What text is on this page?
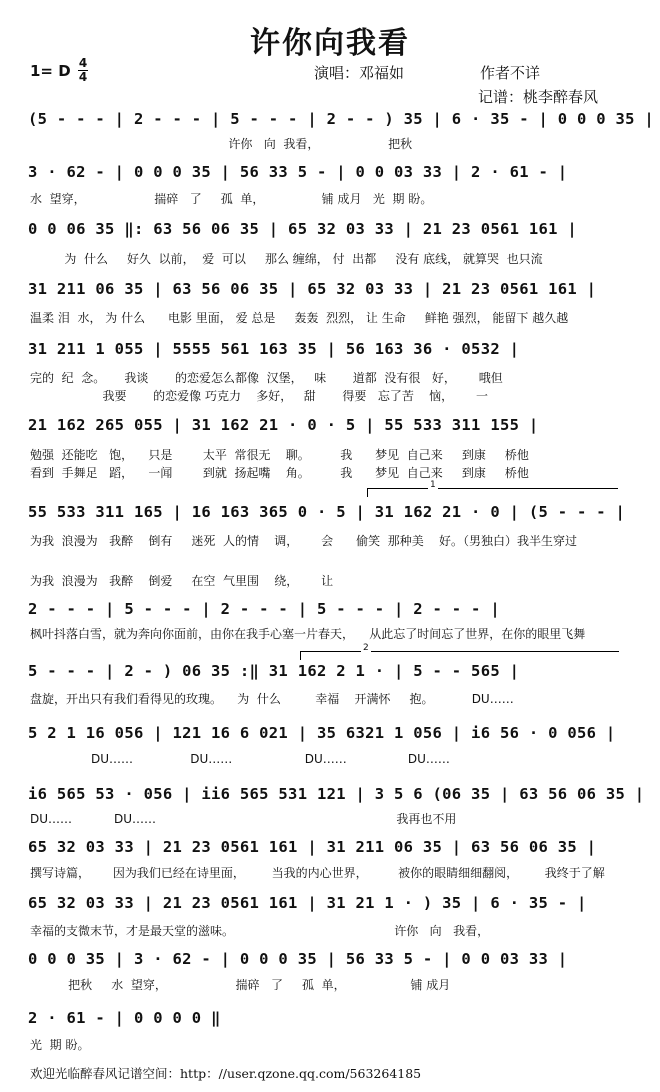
许你向我看
1= D 4
4	演唱：邓福如	作者不详
记谱：桃李醉春风
(5 - - - | 2 - - - | 5 - - - | 2 - - ) 35 | 6 · 35 - | 0 0 0 35 |
许你   向  我看，                  把秋
3 · 62 - | 0 0 0 35 | 56 33 5 - | 0 0 03 33 | 2 · 61 - |
水  望穿，                  揣碎   了     孤  单，               铺 成月   光  期 盼。
0 0 06 35 ‖: 63 56 06 35 | 65 32 03 33 | 21 23 0561 161 |
为  什么     好久  以前，  爱  可以     那么 缠绵， 付  出都     没有 底线， 就算哭  也只流
31 211 06 35 | 63 56 06 35 | 65 32 03 33 | 21 23 0561 161 |
温柔 泪  水， 为 什么      电影 里面， 爱 总是     轰轰  烈烈， 让 生命     鲜艳 强烈， 能留下 越久越
31 211 1 055 | 5555 561 163 35 | 56 163 36 · 0532 |
完的  纪  念。     我谈       的恋爱怎么都像  汉堡，   味       道都  没有很   好，      哦但
我要       的恋爱像 巧克力    多好，   甜       得要   忘了苦    恼，      一
21 162 265 055 | 31 162 21 · 0 · 5 | 55 533 311 155 |
勉强  还能吃   饱，    只是        太平  常很无    聊。        我      梦见  自己来     到康     桥他
看到  手舞足   蹈，    一闻        到就  扬起嘴    角。        我      梦见  自己来     到康     桥他
1
55 533 311 165 | 16 163 365 0 · 5 | 31 162 21 · 0 | (5 - - - |
为我  浪漫为   我醉    倒有     迷死  人的情    调，      会      偷笑  那种美    好。（男独白）我半生穿过
为我  浪漫为   我醉    倒爱     在空  气里围    绕，      让
2 - - - | 5 - - - | 2 - - - | 5 - - - | 2 - - - |
枫叶抖落白雪，就为奔向你面前，由你在我手心塞一片春天，    从此忘了时间忘了世界，在你的眼里飞舞
2
5 - - - | 2 - ) 06 35 :‖ 31 162 2 1 · | 5 - - 565 |
盘旋，开出只有我们看得见的玫瑰。    为  什么         幸福    开满怀     抱。          DU……
5 2 1 16 056 | 121 16 6 021 | 35 6321 1 056 | i6 56 · 0 056 |
DU……               DU……                   DU……                DU……
i6 565 53 · 056 | ii6 565 531 121 | 3 5 6 (06 35 | 63 56 06 35 |
DU……           DU……                                                               我再也不用
65 32 03 33 | 21 23 0561 161 | 31 211 06 35 | 63 56 06 35 |
撰写诗篇，      因为我们已经在诗里面，       当我的内心世界，        被你的眼睛细细翻阅，       我终于了解
65 32 03 33 | 21 23 0561 161 | 31 21 1 · ) 35 | 6 · 35 - |
幸福的支微末节，才是最天堂的滋味。                                          许你   向   我看，
0 0 0 35 | 3 · 62 - | 0 0 0 35 | 56 33 5 - | 0 0 03 33 |
把秋     水  望穿，                  揣碎   了     孤  单，                 铺 成月
2 · 61 - | 0 0 0 0 ‖
光  期 盼。
欢迎光临醉春风记谱空间：http：//user.qzone.qq.com/563264185
